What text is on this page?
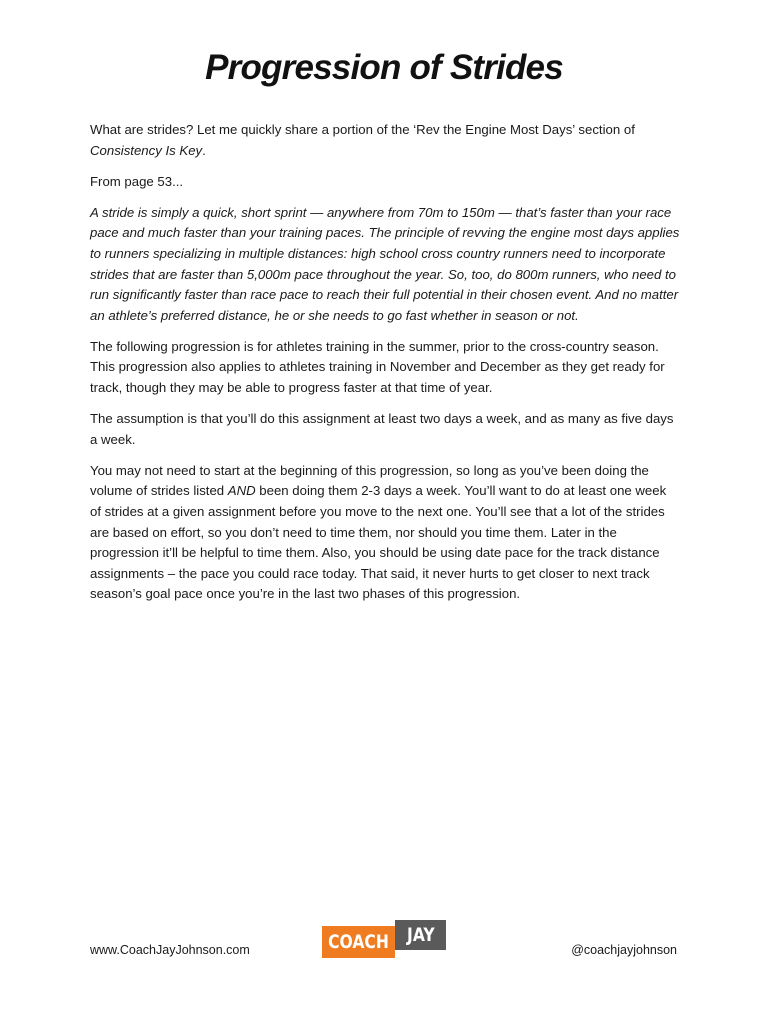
Progression of Strides

What are strides? Let me quickly share a portion of the ‘Rev the Engine Most Days’ section of Consistency Is Key.

From page 53...

A stride is simply a quick, short sprint — anywhere from 70m to 150m — that’s faster than your race pace and much faster than your training paces. The principle of revving the engine most days applies to runners specializing in multiple distances: high school cross country runners need to incorporate strides that are faster than 5,000m pace throughout the year. So, too, do 800m runners, who need to run significantly faster than race pace to reach their full potential in their chosen event. And no matter an athlete’s preferred distance, he or she needs to go fast whether in season or not.

The following progression is for athletes training in the summer, prior to the cross-country season. This progression also applies to athletes training in November and December as they get ready for track, though they may be able to progress faster at that time of year.

The assumption is that you’ll do this assignment at least two days a week, and as many as five days a week.

You may not need to start at the beginning of this progression, so long as you’ve been doing the volume of strides listed AND been doing them 2-3 days a week. You’ll want to do at least one week of strides at a given assignment before you move to the next one. You’ll see that a lot of the strides are based on effort, so you don’t need to time them, nor should you time them. Later in the progression it’ll be helpful to time them. Also, you should be using date pace for the track distance assignments – the pace you could race today. That said, it never hurts to get closer to next track season’s goal pace once you’re in the last two phases of this progression.

www.CoachJayJohnson.com	COACH JAY
@coachjayjohnson
